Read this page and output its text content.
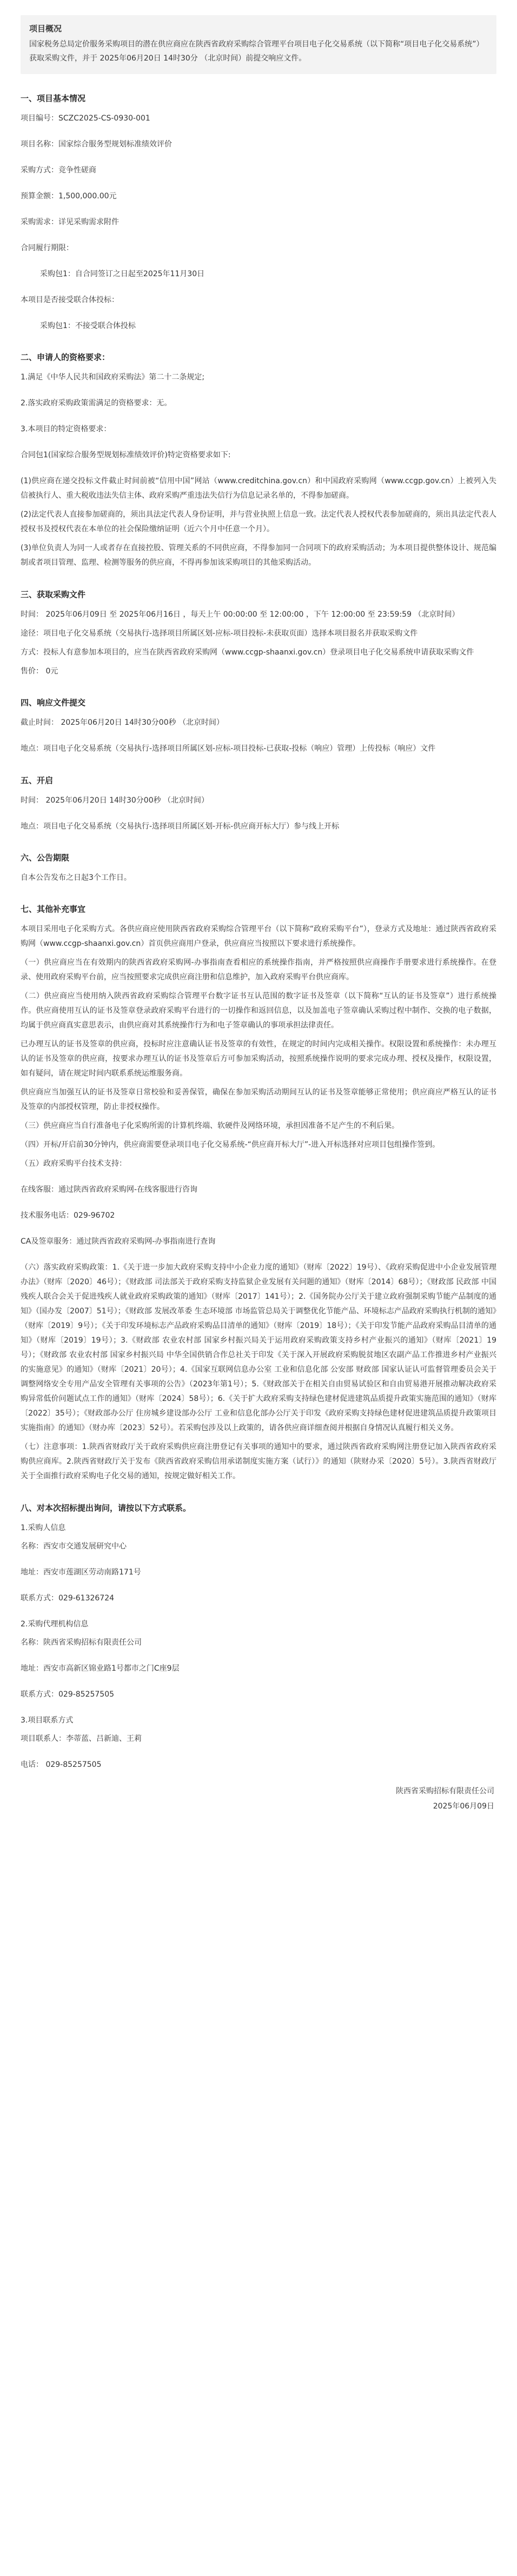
项目概况

国家税务总局定价服务采购项目的潜在供应商应在陕西省政府采购综合管理平台项目电子化交易系统（以下简称“项目电子化交易系统”）获取采购文件，并于 2025年06月20日 14时30分 （北京时间）前提交响应文件。

一、项目基本情况
项目编号：SCZC2025-CS-0930-001
项目名称：国家综合服务型规划标准绩效评价
采购方式：竞争性磋商
预算金额：1,500,000.00元
采购需求：详见采购需求附件
合同履行期限：
采购包1：自合同签订之日起至2025年11月30日
本项目是否接受联合体投标：
采购包1：不接受联合体投标
二、申请人的资格要求：
1.满足《中华人民共和国政府采购法》第二十二条规定;
2.落实政府采购政策需满足的资格要求：无。
3.本项目的特定资格要求：
合同包1(国家综合服务型规划标准绩效评价)特定资格要求如下:
(1)供应商在递交投标文件截止时间前被“信用中国”网站（www.creditchina.gov.cn）和中国政府采购网（www.ccgp.gov.cn）上被列入失信被执行人、重大税收违法失信主体、政府采购严重违法失信行为信息记录名单的，不得参加磋商。
(2)法定代表人直接参加磋商的，须出具法定代表人身份证明，并与营业执照上信息一致。法定代表人授权代表参加磋商的，须出具法定代表人授权书及授权代表在本单位的社会保险缴纳证明（近六个月中任意一个月）。
(3)单位负责人为同一人或者存在直接控股、管理关系的不同供应商，不得参加同一合同项下的政府采购活动；为本项目提供整体设计、规范编制或者项目管理、监理、检测等服务的供应商，不得再参加该采购项目的其他采购活动。
三、获取采购文件
时间： 2025年06月09日 至 2025年06月16日 ，每天上午 00:00:00 至 12:00:00 ，下午 12:00:00 至 23:59:59 （北京时间）
途径：项目电子化交易系统（交易执行-选择项目所属区划-应标-项目投标-未获取页面）选择本项目报名并获取采购文件
方式：投标人有意参加本项目的，应当在陕西省政府采购网（www.ccgp-shaanxi.gov.cn）登录项目电子化交易系统申请获取采购文件
售价： 0元
四、响应文件提交
截止时间： 2025年06月20日 14时30分00秒 （北京时间）
地点：项目电子化交易系统（交易执行-选择项目所属区划-应标-项目投标-已获取-投标（响应）管理）上传投标（响应）文件
五、开启
时间： 2025年06月20日 14时30分00秒 （北京时间）
地点：项目电子化交易系统（交易执行-选择项目所属区划-开标-供应商开标大厅）参与线上开标
六、公告期限
自本公告发布之日起3个工作日。
七、其他补充事宜
本项目采用电子化采购方式。各供应商应使用陕西省政府采购综合管理平台（以下简称“政府采购平台”），登录方式及地址：通过陕西省政府采购网（www.ccgp-shaanxi.gov.cn）首页供应商用户登录，供应商应当按照以下要求进行系统操作。
（一）供应商应当在有效期内的陕西省政府采购网-办事指南查看相应的系统操作指南，并严格按照供应商操作手册要求进行系统操作。在登录、使用政府采购平台前，应当按照要求完成供应商注册和信息维护，加入政府采购平台供应商库。
（二）供应商应当使用纳入陕西省政府采购综合管理平台数字证书互认范围的数字证书及签章（以下简称“互认的证书及签章”）进行系统操作。供应商使用互认的证书及签章登录政府采购平台进行的一切操作和返回信息，以及加盖电子签章确认采购过程中制作、交换的电子数据，均属于供应商真实意思表示，由供应商对其系统操作行为和电子签章确认的事项承担法律责任。
已办理互认的证书及签章的供应商，投标时应注意确认证书及签章的有效性，在规定的时间内完成相关操作。权限设置和系统操作：未办理互认的证书及签章的供应商，按要求办理互认的证书及签章后方可参加采购活动，按照系统操作说明的要求完成办理、授权及操作，权限设置，如有疑问，请在规定时间内联系系统运维服务商。
供应商应当加强互认的证书及签章日常校验和妥善保管，确保在参加采购活动期间互认的证书及签章能够正常使用；供应商应严格互认的证书及签章的内部授权管理，防止非授权操作。
（三）供应商应当自行准备电子化采购所需的计算机终端、软硬件及网络环境，承担因准备不足产生的不利后果。
（四）开标/开启前30分钟内，供应商需要登录项目电子化交易系统-“供应商开标大厅”-进入开标选择对应项目包组操作签到。
（五）政府采购平台技术支持：
在线客服：通过陕西省政府采购网-在线客服进行咨询
技术服务电话：029-96702
CA及签章服务：通过陕西省政府采购网-办事指南进行查询
（六）落实政府采购政策：1.《关于进一步加大政府采购支持中小企业力度的通知》（财库〔2022〕19号）、《政府采购促进中小企业发展管理办法》（财库〔2020〕46号）；《财政部 司法部关于政府采购支持监狱企业发展有关问题的通知》（财库〔2014〕68号）；《财政部 民政部 中国残疾人联合会关于促进残疾人就业政府采购政策的通知》（财库〔2017〕141号）；2.《国务院办公厅关于建立政府强制采购节能产品制度的通知》（国办发〔2007〕51号）；《财政部 发展改革委 生态环境部 市场监管总局关于调整优化节能产品、环境标志产品政府采购执行机制的通知》（财库〔2019〕9号）；《关于印发环境标志产品政府采购品目清单的通知》（财库〔2019〕18号）；《关于印发节能产品政府采购品目清单的通知》（财库〔2019〕19号）；3.《财政部 农业农村部 国家乡村振兴局关于运用政府采购政策支持乡村产业振兴的通知》（财库〔2021〕19号）；《财政部 农业农村部 国家乡村振兴局 中华全国供销合作总社关于印发《关于深入开展政府采购脱贫地区农副产品工作推进乡村产业振兴的实施意见》的通知》（财库〔2021〕20号）；4.《国家互联网信息办公室 工业和信息化部 公安部 财政部 国家认证认可监督管理委员会关于调整网络安全专用产品安全管理有关事项的公告》（2023年第1号）；5.《财政部关于在相关自由贸易试验区和自由贸易港开展推动解决政府采购异常低价问题试点工作的通知》（财库〔2024〕58号）；6.《关于扩大政府采购支持绿色建材促进建筑品质提升政策实施范围的通知》（财库〔2022〕35号）；《财政部办公厅 住房城乡建设部办公厅 工业和信息化部办公厅关于印发《政府采购支持绿色建材促进建筑品质提升政策项目实施指南》的通知》（财办库〔2023〕52号）。若采购包涉及以上政策的，请各供应商详细查阅并根据自身情况认真履行相关义务。
（七）注意事项：1.陕西省财政厅关于政府采购供应商注册登记有关事项的通知中的要求，通过陕西省政府采购网注册登记加入陕西省政府采购供应商库。2.陕西省财政厅关于发布《陕西省政府采购信用承诺制度实施方案（试行）》的通知（陕财办采〔2020〕5号）。3.陕西省财政厅关于全面推行政府采购电子化交易的通知，按规定做好相关工作。
八、对本次招标提出询问，请按以下方式联系。
1.采购人信息
名称：西安市交通发展研究中心
地址：西安市莲湖区劳动南路171号
联系方式：029-61326724
2.采购代理机构信息
名称：陕西省采购招标有限责任公司
地址：西安市高新区锦业路1号都市之门C座9层
联系方式：029-85257505
3.项目联系方式
项目联系人：李蒂蓝、吕新迪、王莉
电话： 029-85257505
陕西省采购招标有限责任公司
2025年06月09日
